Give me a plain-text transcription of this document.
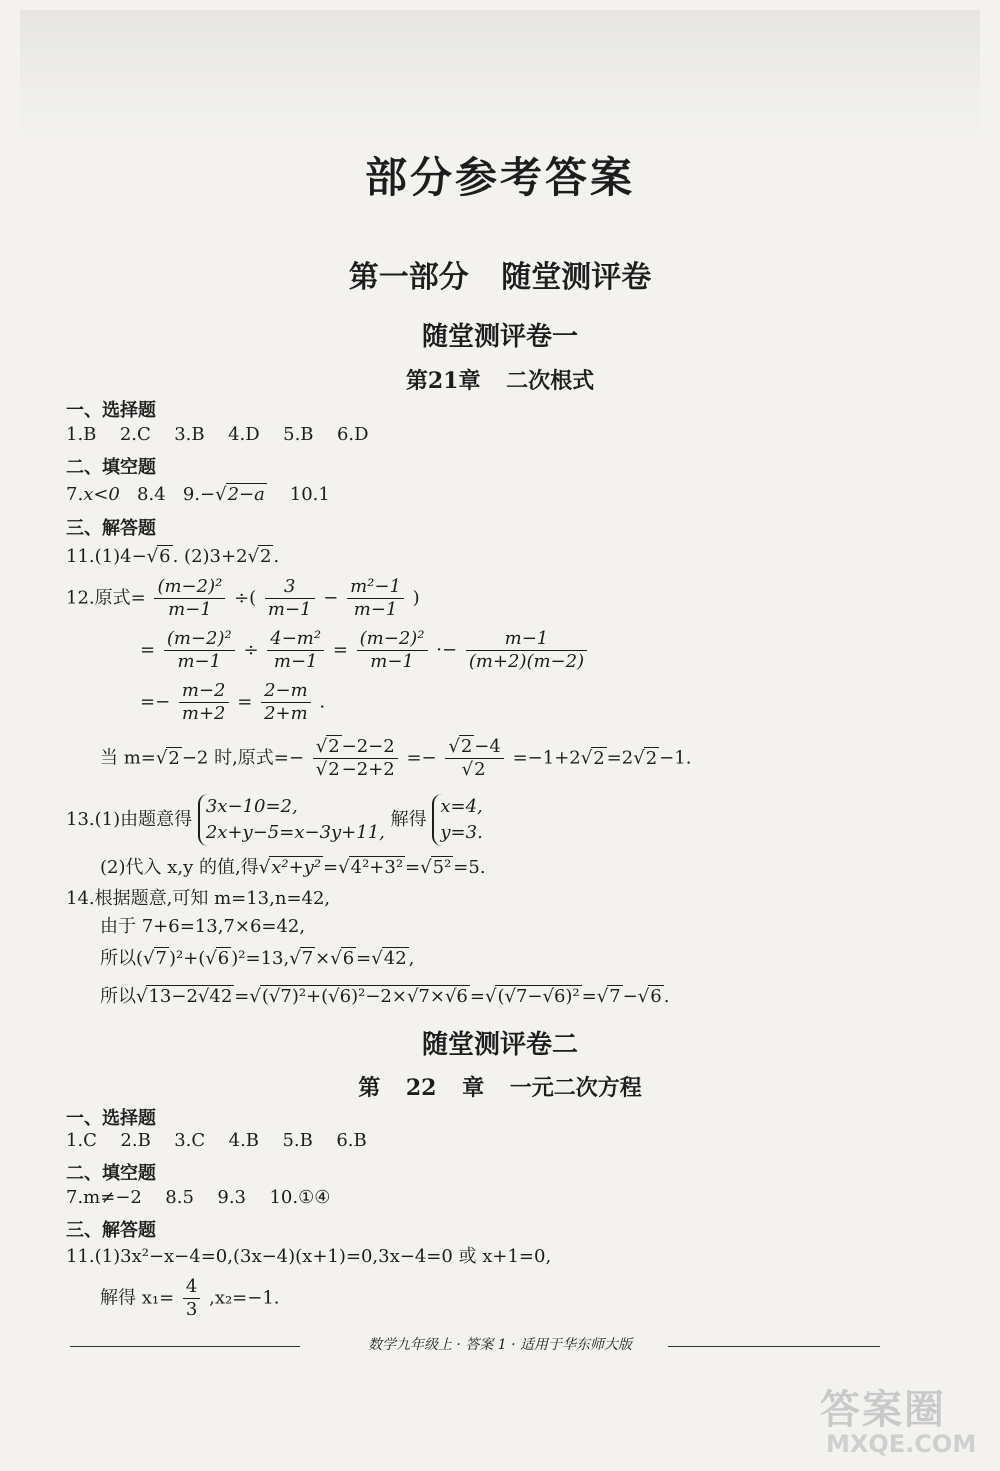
部分参考答案
第一部分 随堂测评卷
随堂测评卷一
第21章 二次根式
一、选择题
1.B  2.C  3.B  4.D  5.B  6.D
二、填空题
7.x<0 8.4 9.−√2−a 10.1
三、解答题
11.(1)4−√6 . (2)3+2√2 .
12.原式= $\frac{\text{(m−2)²}}{m-1}$ ÷( $\frac{3}{m-1} - \frac{\text{m²−1}}{m-1}$ )
= $\frac{\text{(m−2)²}}{m-1} \div \frac{\text{4−m²}}{m-1} = \frac{\text{(m−2)²}}{m-1} \cdot- \frac{m-1}{(m+2)(m-2)}$
=− $\frac{m-2}{m+2} = \frac{2-m}{2+m}$ .
当 m=√2 −2 时,原式=− $\frac{√2 -2-2}{√2 -2+2} =- \frac{√2 -4}{√2} =-1+2√2 =2√2 -1$.
13.(1)由题意得 3x−10=2,
2x+y−5=x−3y+11, 解得 x=4,
y=3.
(2)代入 x,y 的值,得√x²+y² =√4²+3² =√5² =5.
14.根据题意,可知 m=13,n=42,
由于 7+6=13,7×6=42,
所以(√7 )²+(√6 )²=13,√7 ×√6 =√42 ,
所以√13−2√42 =√(√7)²+(√6)²−2×√7×√6 =√(√7−√6)² =√7 −√6 .
随堂测评卷二
第 22 章 一元二次方程
一、选择题
1.C  2.B  3.C  4.B  5.B  6.B
二、填空题
7.m≠−2  8.5  9.3  10.①④
三、解答题
11.(1)3x²−x−4=0,(3x−4)(x+1)=0,3x−4=0 或 x+1=0,
解得 $x_1= \frac{4}{3} ,x_2=-1$.
数学九年级上 · 答案 1 · 适用于华东师大版
答案圈
MXQE.COM
